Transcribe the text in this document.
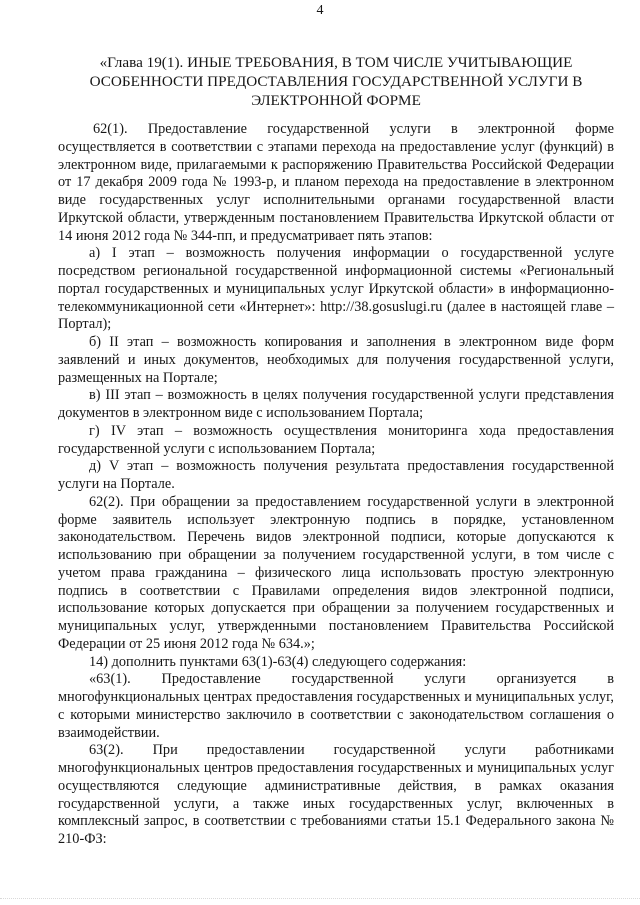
4
«Глава 19(1). ИНЫЕ ТРЕБОВАНИЯ, В ТОМ ЧИСЛЕ УЧИТЫВАЮЩИЕ ОСОБЕННОСТИ ПРЕДОСТАВЛЕНИЯ ГОСУДАРСТВЕННОЙ УСЛУГИ В ЭЛЕКТРОННОЙ ФОРМЕ

62(1). Предоставление государственной услуги в электронной форме осуществляется в соответствии с этапами перехода на предоставление услуг (функций) в электронном виде, прилагаемыми к распоряжению Правительства Российской Федерации от 17 декабря 2009 года № 1993-р, и планом перехода на предоставление в электронном виде государственных услуг исполнительными органами государственной власти Иркутской области, утвержденным постановлением Правительства Иркутской области от 14 июня 2012 года № 344-пп, и предусматривает пять этапов:

а) I этап – возможность получения информации о государственной услуге посредством региональной государственной информационной системы «Региональный портал государственных и муниципальных услуг Иркутской области» в информационно-телекоммуникационной сети «Интернет»: http://38.gosuslugi.ru (далее в настоящей главе – Портал);

б) II этап – возможность копирования и заполнения в электронном виде форм заявлений и иных документов, необходимых для получения государственной услуги, размещенных на Портале;

в) III этап – возможность в целях получения государственной услуги представления документов в электронном виде с использованием Портала;

г) IV этап – возможность осуществления мониторинга хода предоставления государственной услуги с использованием Портала;

д) V этап – возможность получения результата предоставления государственной услуги на Портале.

62(2). При обращении за предоставлением государственной услуги в электронной форме заявитель использует электронную подпись в порядке, установленном законодательством. Перечень видов электронной подписи, которые допускаются к использованию при обращении за получением государственной услуги, в том числе с учетом права гражданина – физического лица использовать простую электронную подпись в соответствии с Правилами определения видов электронной подписи, использование которых допускается при обращении за получением государственных и муниципальных услуг, утвержденными постановлением Правительства Российской Федерации от 25 июня 2012 года № 634.»;

14) дополнить пунктами 63(1)-63(4) следующего содержания:

«63(1). Предоставление государственной услуги организуется в многофункциональных центрах предоставления государственных и муниципальных услуг, с которыми министерство заключило в соответствии с законодательством соглашения о взаимодействии.

63(2). При предоставлении государственной услуги работниками многофункциональных центров предоставления государственных и муниципальных услуг осуществляются следующие административные действия, в рамках оказания государственной услуги, а также иных государственных услуг, включенных в комплексный запрос, в соответствии с требованиями статьи 15.1 Федерального закона № 210-ФЗ:
